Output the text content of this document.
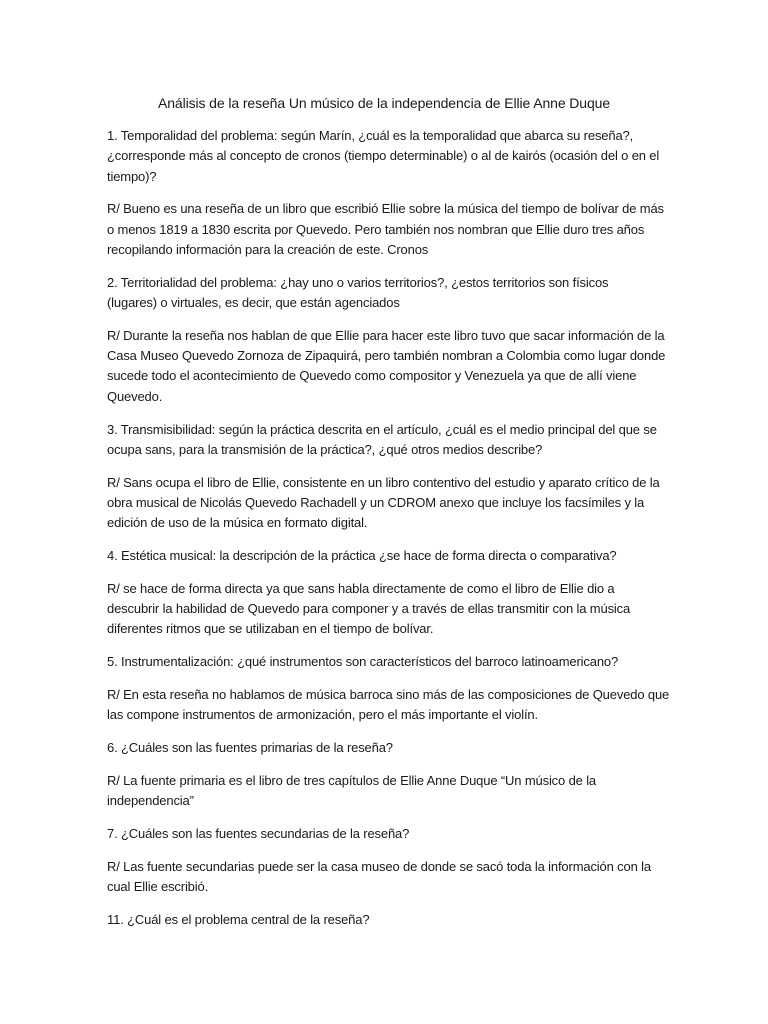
Análisis de la reseña Un músico de la independencia de Ellie Anne Duque
1. Temporalidad del problema: según Marín, ¿cuál es la temporalidad que abarca su reseña?,
¿corresponde más al concepto de cronos (tiempo determinable) o al de kairós (ocasión del o en el
tiempo)?
R/ Bueno es una reseña de un libro que escribió Ellie sobre la música del tiempo de bolívar de más
o menos 1819 a 1830 escrita por Quevedo. Pero también nos nombran que Ellie duro tres años
recopilando información para la creación de este. Cronos
2. Territorialidad del problema: ¿hay uno o varios territorios?, ¿estos territorios son físicos
(lugares) o virtuales, es decir, que están agenciados
R/ Durante la reseña nos hablan de que Ellie para hacer este libro tuvo que sacar información de la
Casa Museo Quevedo Zornoza de Zipaquirá, pero también nombran a Colombia como lugar donde
sucede todo el acontecimiento de Quevedo como compositor y Venezuela ya que de allí viene
Quevedo.
3. Transmisibilidad: según la práctica descrita en el artículo, ¿cuál es el medio principal del que se
ocupa sans, para la transmisión de la práctica?, ¿qué otros medios describe?
R/ Sans ocupa el libro de Ellie, consistente en un libro contentivo del estudio y aparato crítico de la
obra musical de Nicolás Quevedo Rachadell y un CDROM anexo que incluye los facsímiles y la
edición de uso de la música en formato digital.
4. Estética musical: la descripción de la práctica ¿se hace de forma directa o comparativa?
R/ se hace de forma directa ya que sans habla directamente de como el libro de Ellie dio a
descubrir la habilidad de Quevedo para componer y a través de ellas transmitir con la música
diferentes ritmos que se utilizaban en el tiempo de bolívar.
5. Instrumentalización: ¿qué instrumentos son característicos del barroco latinoamericano?
R/ En esta reseña no hablamos de música barroca sino más de las composiciones de Quevedo que
las compone instrumentos de armonización, pero el más importante el violín.
6. ¿Cuáles son las fuentes primarias de la reseña?
R/ La fuente primaria es el libro de tres capítulos de Ellie Anne Duque “Un músico de la
independencia”
7. ¿Cuáles son las fuentes secundarias de la reseña?
R/ Las fuente secundarias puede ser la casa museo de donde se sacó toda la información con la
cual Ellie escribió.
11. ¿Cuál es el problema central de la reseña?
